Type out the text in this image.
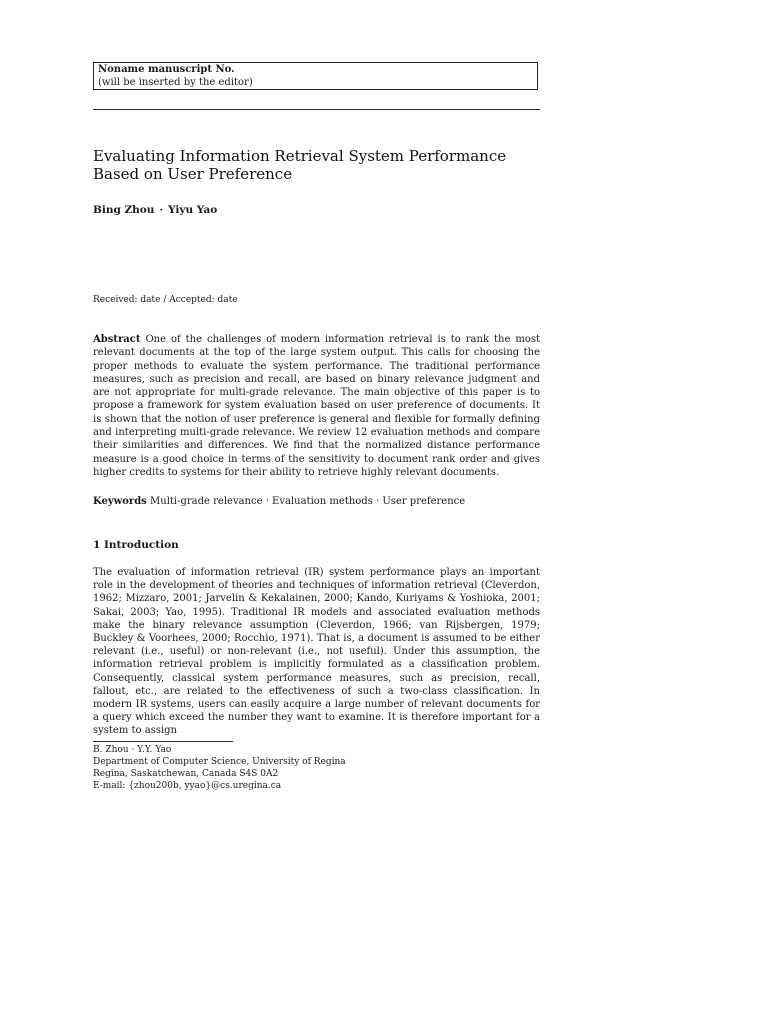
Noname manuscript No.
(will be inserted by the editor)
Evaluating Information Retrieval System Performance Based on User Preference
Bing Zhou · Yiyu Yao
Received: date / Accepted: date

Abstract One of the challenges of modern information retrieval is to rank the most relevant documents at the top of the large system output. This calls for choosing the proper methods to evaluate the system performance. The traditional performance measures, such as precision and recall, are based on binary relevance judgment and are not appropriate for multi-grade relevance. The main objective of this paper is to propose a framework for system evaluation based on user preference of documents. It is shown that the notion of user preference is general and flexible for formally defining and interpreting multi-grade relevance. We review 12 evaluation methods and compare their similarities and differences. We find that the normalized distance performance measure is a good choice in terms of the sensitivity to document rank order and gives higher credits to systems for their ability to retrieve highly relevant documents.

Keywords Multi-grade relevance · Evaluation methods · User preference
1 Introduction

The evaluation of information retrieval (IR) system performance plays an important role in the development of theories and techniques of information retrieval (Cleverdon, 1962; Mizzaro, 2001; Jarvelin & Kekalainen, 2000; Kando, Kuriyams & Yoshioka, 2001; Sakai, 2003; Yao, 1995). Traditional IR models and associated evaluation methods make the binary relevance assumption (Cleverdon, 1966; van Rijsbergen, 1979; Buckley & Voorhees, 2000; Rocchio, 1971). That is, a document is assumed to be either relevant (i.e., useful) or non-relevant (i.e., not useful). Under this assumption, the information retrieval problem is implicitly formulated as a classification problem. Consequently, classical system performance measures, such as precision, recall, fallout, etc., are related to the effectiveness of such a two-class classification. In modern IR systems, users can easily acquire a large number of relevant documents for a query which exceed the number they want to examine. It is therefore important for a system to assign

B. Zhou · Y.Y. Yao
Department of Computer Science, University of Regina
Regina, Saskatchewan, Canada S4S 0A2
E-mail: {zhou200b, yyao}@cs.uregina.ca
